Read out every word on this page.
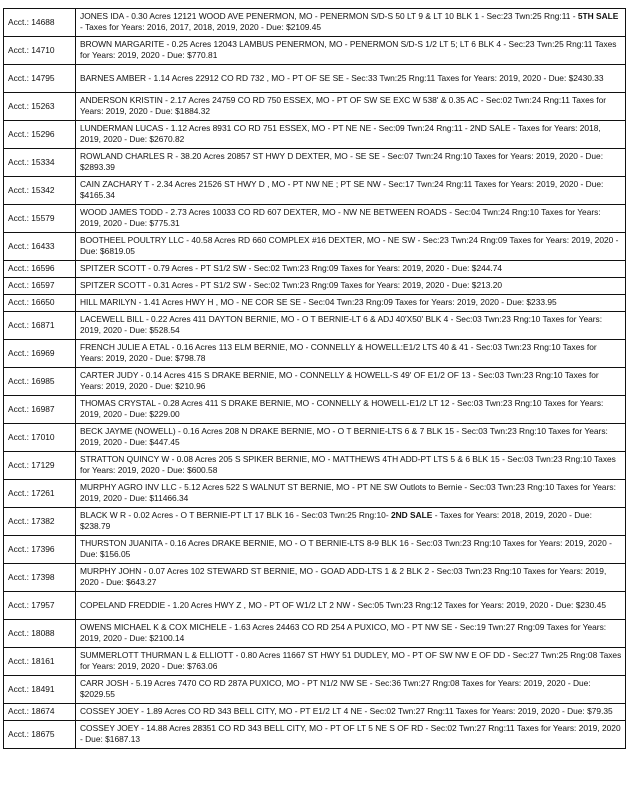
Acct.: 14688	JONES IDA - 0.30 Acres 12121 WOOD AVE PENERMON, MO - PENERMON S/D-S 50 LT 9 & LT 10 BLK 1 - Sec:23 Twn:25 Rng:11 - 5TH SALE - Taxes for Years: 2016, 2017, 2018, 2019, 2020 - Due: $2109.45
Acct.: 14710	BROWN MARGARITE - 0.25 Acres 12043 LAMBUS PENERMON, MO - PENERMON S/D-S 1/2 LT 5; LT 6 BLK 4 - Sec:23 Twn:25 Rng:11 Taxes for Years: 2019, 2020 - Due: $770.81
Acct.: 14795	BARNES AMBER - 1.14 Acres 22912 CO RD 732 , MO - PT OF SE SE - Sec:33 Twn:25 Rng:11 Taxes for Years: 2019, 2020 - Due: $2430.33
Acct.: 15263	ANDERSON KRISTIN - 2.17 Acres 24759 CO RD 750 ESSEX, MO - PT OF SW SE EXC W 538' & 0.35 AC - Sec:02 Twn:24 Rng:11 Taxes for Years: 2019, 2020 - Due: $1884.32
Acct.: 15296	LUNDERMAN LUCAS - 1.12 Acres 8931 CO RD 751 ESSEX, MO - PT NE NE - Sec:09 Twn:24 Rng:11 - 2ND SALE - Taxes for Years: 2018, 2019, 2020 - Due: $2670.82
Acct.: 15334	ROWLAND CHARLES R - 38.20 Acres 20857 ST HWY D DEXTER, MO - SE SE - Sec:07 Twn:24 Rng:10 Taxes for Years: 2019, 2020 - Due: $2893.39
Acct.: 15342	CAIN ZACHARY T - 2.34 Acres 21526 ST HWY D , MO - PT NW NE ; PT SE NW - Sec:17 Twn:24 Rng:11 Taxes for Years: 2019, 2020 - Due: $4165.34
Acct.: 15579	WOOD JAMES TODD - 2.73 Acres 10033 CO RD 607 DEXTER, MO - NW NE BETWEEN ROADS - Sec:04 Twn:24 Rng:10 Taxes for Years: 2019, 2020 - Due: $775.31
Acct.: 16433	BOOTHEEL POULTRY LLC - 40.58 Acres RD 660 COMPLEX #16 DEXTER, MO - NE SW - Sec:23 Twn:24 Rng:09 Taxes for Years: 2019, 2020 - Due: $6819.05
Acct.: 16596	SPITZER SCOTT - 0.79 Acres - PT S1/2 SW - Sec:02 Twn:23 Rng:09 Taxes for Years: 2019, 2020 - Due: $244.74
Acct.: 16597	SPITZER SCOTT - 0.31 Acres - PT S1/2 SW - Sec:02 Twn:23 Rng:09 Taxes for Years: 2019, 2020 - Due: $213.20
Acct.: 16650	HILL MARILYN - 1.41 Acres HWY H , MO - NE COR SE SE - Sec:04 Twn:23 Rng:09 Taxes for Years: 2019, 2020 - Due: $233.95
Acct.: 16871	LACEWELL BILL - 0.22 Acres 411 DAYTON BERNIE, MO - O T BERNIE-LT 6 & ADJ 40'X50' BLK 4 - Sec:03 Twn:23 Rng:10 Taxes for Years: 2019, 2020 - Due: $528.54
Acct.: 16969	FRENCH JULIE A ETAL - 0.16 Acres 113 ELM BERNIE, MO - CONNELLY & HOWELL:E1/2 LTS 40 & 41 - Sec:03 Twn:23 Rng:10 Taxes for Years: 2019, 2020 - Due: $798.78
Acct.: 16985	CARTER JUDY - 0.14 Acres 415 S DRAKE BERNIE, MO - CONNELLY & HOWELL-S 49' OF E1/2 OF 13 - Sec:03 Twn:23 Rng:10 Taxes for Years: 2019, 2020 - Due: $210.96
Acct.: 16987	THOMAS CRYSTAL - 0.28 Acres 411 S DRAKE BERNIE, MO - CONNELLY & HOWELL-E1/2 LT 12 - Sec:03 Twn:23 Rng:10 Taxes for Years: 2019, 2020 - Due: $229.00
Acct.: 17010	BECK JAYME (NOWELL) - 0.16 Acres 208 N DRAKE BERNIE, MO - O T BERNIE-LTS 6 & 7 BLK 15 - Sec:03 Twn:23 Rng:10 Taxes for Years: 2019, 2020 - Due: $447.45
Acct.: 17129	STRATTON QUINCY W - 0.08 Acres 205 S SPIKER BERNIE, MO - MATTHEWS 4TH ADD-PT LTS 5 & 6 BLK 15 - Sec:03 Twn:23 Rng:10 Taxes for Years: 2019, 2020 - Due: $600.58
Acct.: 17261	MURPHY AGRO INV LLC - 5.12 Acres 522 S WALNUT ST BERNIE, MO - PT NE SW Outlots to Bernie - Sec:03 Twn:23 Rng:10 Taxes for Years: 2019, 2020 - Due: $11466.34
Acct.: 17382	BLACK W R - 0.02 Acres - O T BERNIE-PT LT 17 BLK 16 - Sec:03 Twn:25 Rng:10- 2ND SALE - Taxes for Years: 2018, 2019, 2020 - Due: $238.79
Acct.: 17396	THURSTON JUANITA - 0.16 Acres DRAKE BERNIE, MO - O T BERNIE-LTS 8-9 BLK 16 - Sec:03 Twn:23 Rng:10 Taxes for Years: 2019, 2020 - Due: $156.05
Acct.: 17398	MURPHY JOHN - 0.07 Acres 102 STEWARD ST BERNIE, MO - GOAD ADD-LTS 1 & 2 BLK 2 - Sec:03 Twn:23 Rng:10 Taxes for Years: 2019, 2020 - Due: $643.27
Acct.: 17957	COPELAND FREDDIE - 1.20 Acres HWY Z , MO - PT OF W1/2 LT 2 NW - Sec:05 Twn:23 Rng:12 Taxes for Years: 2019, 2020 - Due: $230.45
Acct.: 18088	OWENS MICHAEL K & COX MICHELE - 1.63 Acres 24463 CO RD 254 A PUXICO, MO - PT NW SE - Sec:19 Twn:27 Rng:09 Taxes for Years: 2019, 2020 - Due: $2100.14
Acct.: 18161	SUMMERLOTT THURMAN L & ELLIOTT - 0.80 Acres 11667 ST HWY 51 DUDLEY, MO - PT OF SW NW E OF DD - Sec:27 Twn:25 Rng:08 Taxes for Years: 2019, 2020 - Due: $763.06
Acct.: 18491	CARR JOSH - 5.19 Acres 7470 CO RD 287A PUXICO, MO - PT N1/2 NW SE - Sec:36 Twn:27 Rng:08 Taxes for Years: 2019, 2020 - Due: $2029.55
Acct.: 18674	COSSEY JOEY - 1.89 Acres CO RD 343 BELL CITY, MO - PT E1/2 LT 4 NE - Sec:02 Twn:27 Rng:11 Taxes for Years: 2019, 2020 - Due: $79.35
Acct.: 18675	COSSEY JOEY - 14.88 Acres 28351 CO RD 343 BELL CITY, MO - PT OF LT 5 NE S OF RD - Sec:02 Twn:27 Rng:11 Taxes for Years: 2019, 2020 - Due: $1687.13
